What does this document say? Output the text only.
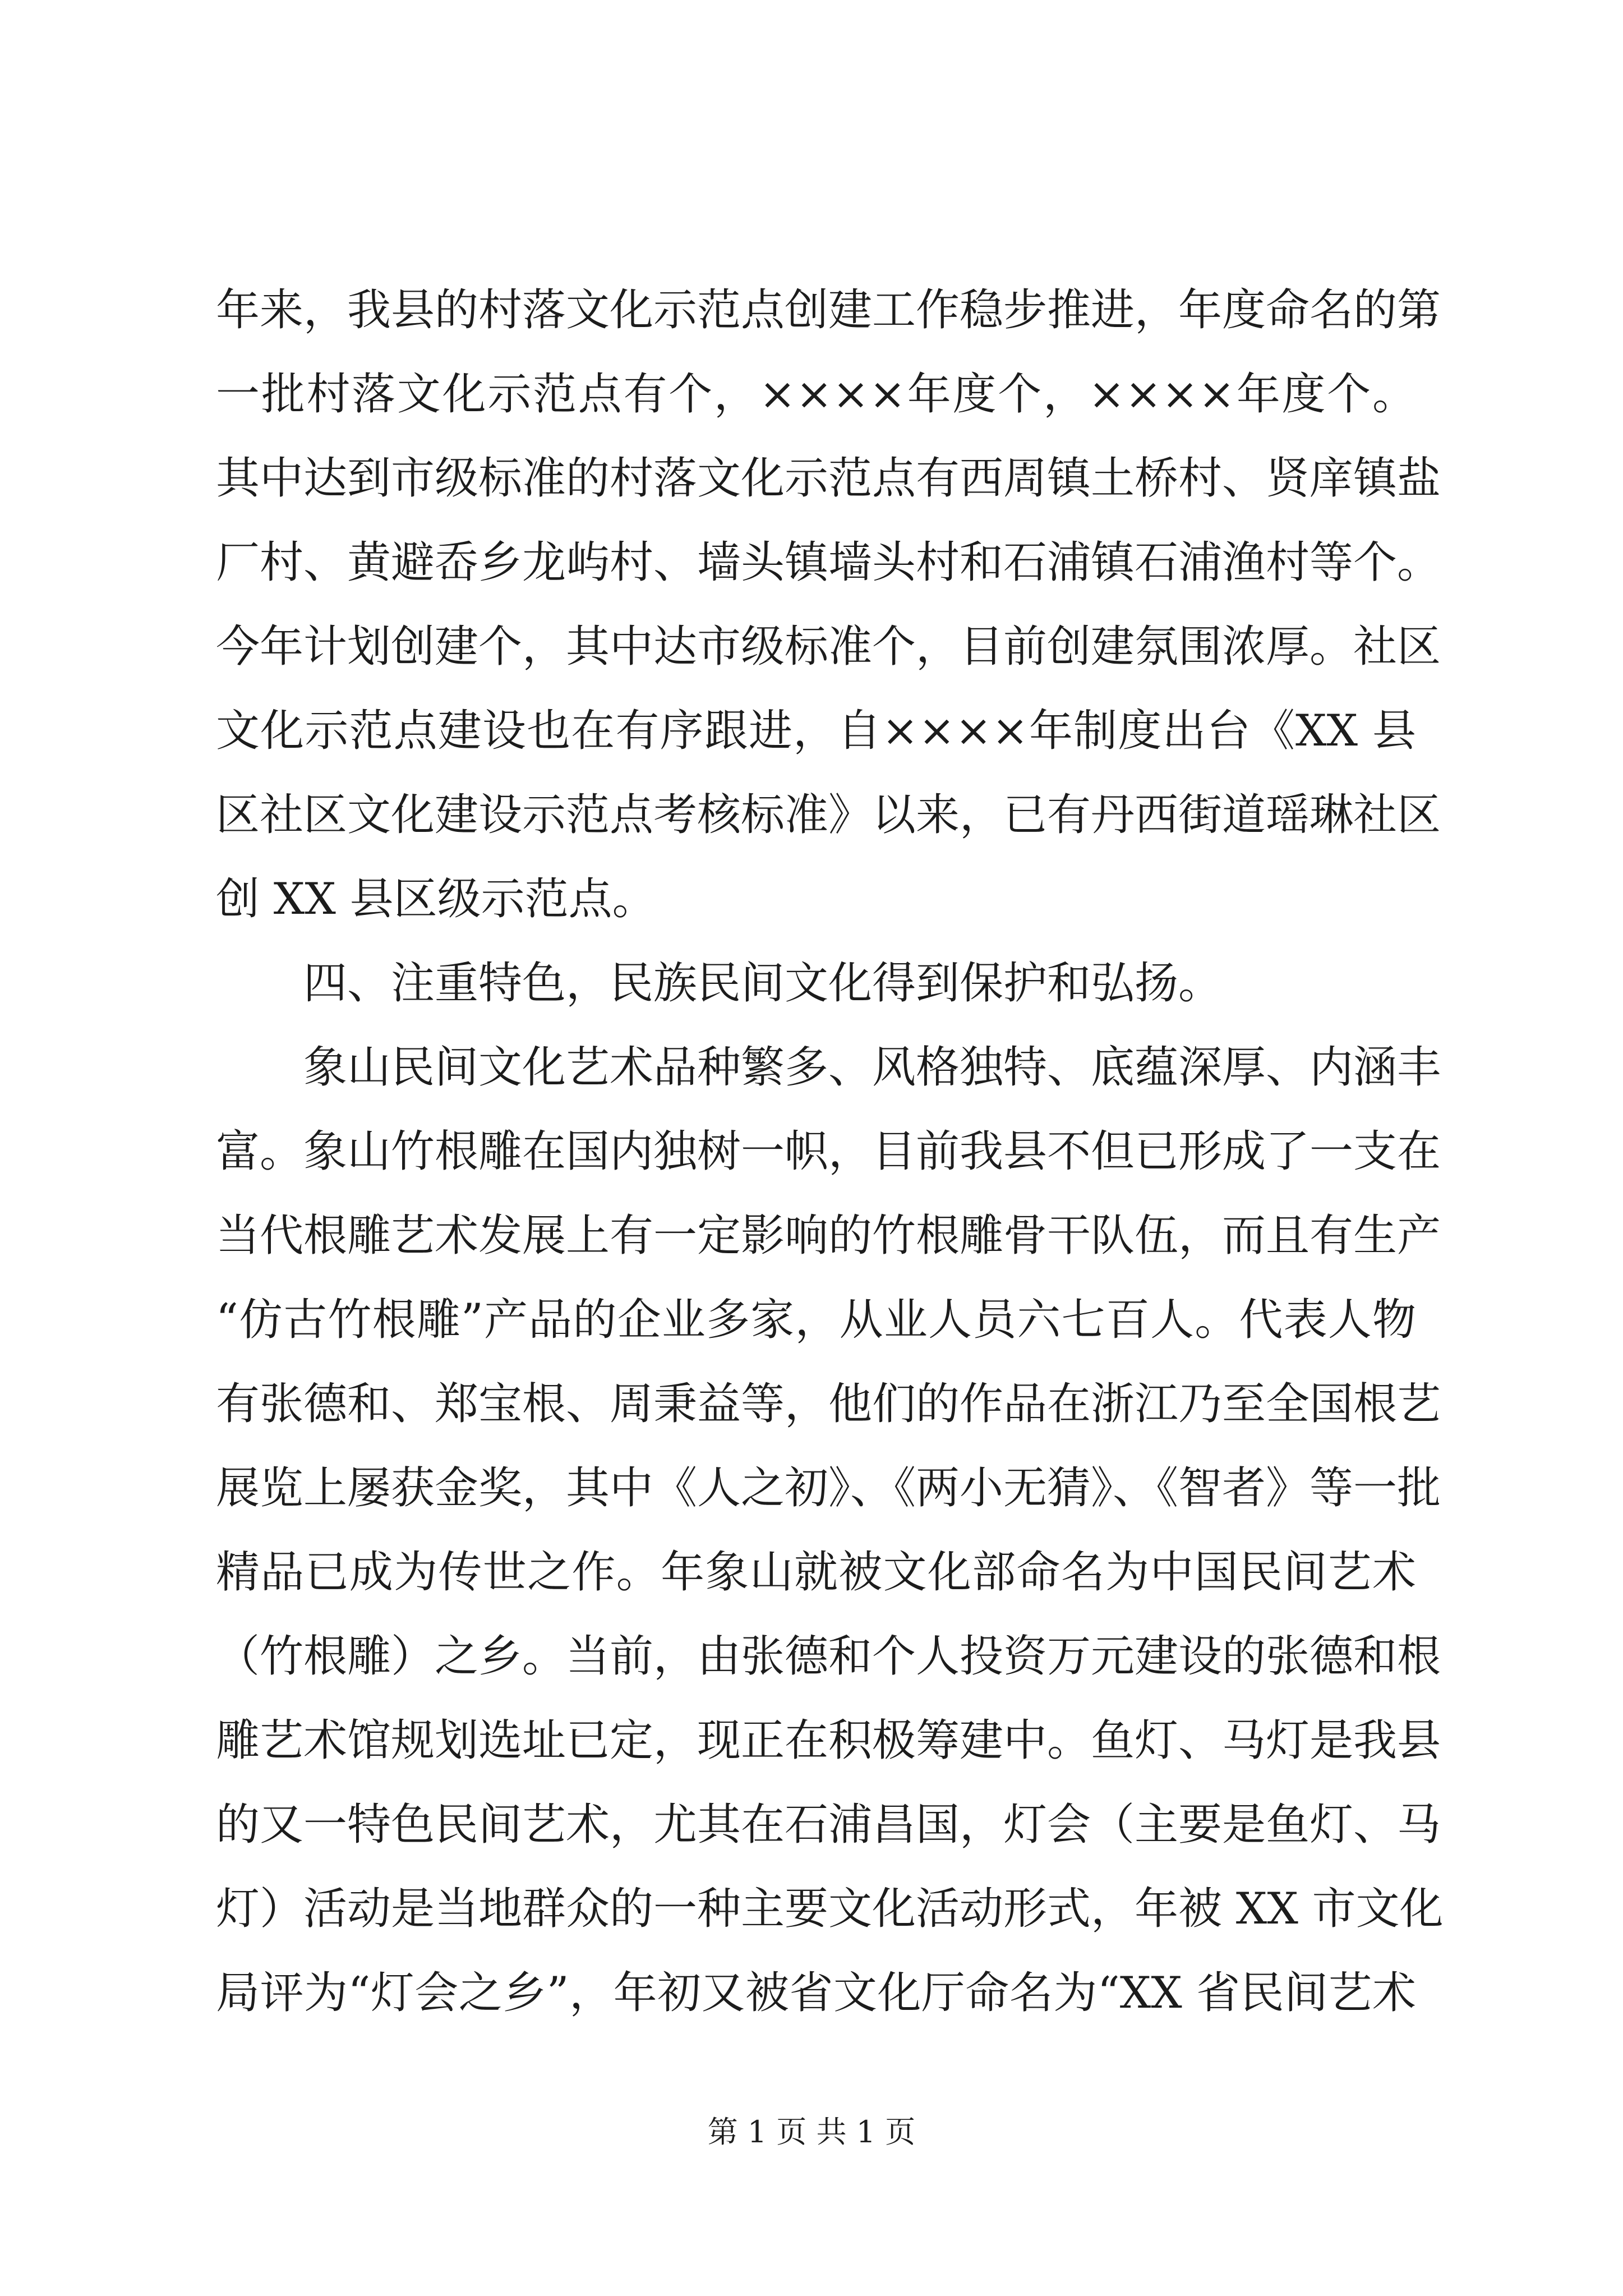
年来，我县的村落文化示范点创建工作稳步推进，年度命名的第
一批村落文化示范点有个，××××年度个，××××年度个。
其中达到市级标准的村落文化示范点有西周镇土桥村、贤庠镇盐
厂村、黄避岙乡龙屿村、墙头镇墙头村和石浦镇石浦渔村等个。
今年计划创建个，其中达市级标准个，目前创建氛围浓厚。社区
文化示范点建设也在有序跟进，自××××年制度出台《XX 县
区社区文化建设示范点考核标准》以来，已有丹西街道瑶琳社区
创 XX 县区级示范点。
四、注重特色，民族民间文化得到保护和弘扬。
象山民间文化艺术品种繁多、风格独特、底蕴深厚、内涵丰
富。象山竹根雕在国内独树一帜，目前我县不但已形成了一支在
当代根雕艺术发展上有一定影响的竹根雕骨干队伍，而且有生产
“仿古竹根雕”产品的企业多家，从业人员六七百人。代表人物
有张德和、郑宝根、周秉益等，他们的作品在浙江乃至全国根艺
展览上屡获金奖，其中《人之初》、《两小无猜》、《智者》等一批
精品已成为传世之作。年象山就被文化部命名为中国民间艺术
（竹根雕）之乡。当前，由张德和个人投资万元建设的张德和根
雕艺术馆规划选址已定，现正在积极筹建中。鱼灯、马灯是我县
的又一特色民间艺术，尤其在石浦昌国，灯会（主要是鱼灯、马
灯）活动是当地群众的一种主要文化活动形式，年被 XX 市文化
局评为“灯会之乡”，年初又被省文化厅命名为“XX 省民间艺术
第 1 页 共 1 页
